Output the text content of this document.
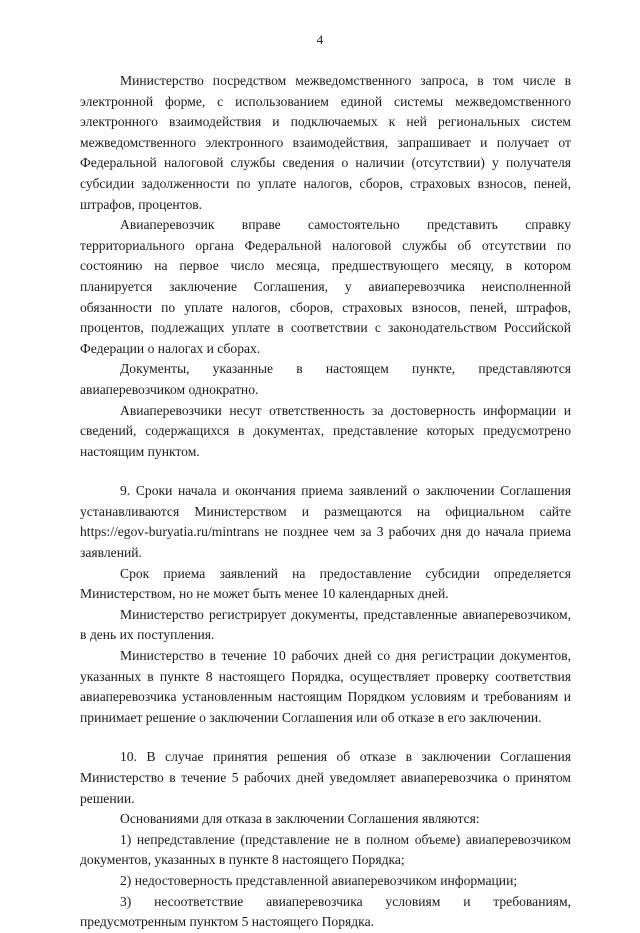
4

Министерство посредством межведомственного запроса, в том числе в электронной форме, с использованием единой системы межведомственного электронного взаимодействия и подключаемых к ней региональных систем межведомственного электронного взаимодействия, запрашивает и получает от Федеральной налоговой службы сведения о наличии (отсутствии) у получателя субсидии задолженности по уплате налогов, сборов, страховых взносов, пеней, штрафов, процентов.

Авиаперевозчик вправе самостоятельно представить справку территориального органа Федеральной налоговой службы об отсутствии по состоянию на первое число месяца, предшествующего месяцу, в котором планируется заключение Соглашения, у авиаперевозчика неисполненной обязанности по уплате налогов, сборов, страховых взносов, пеней, штрафов, процентов, подлежащих уплате в соответствии с законодательством Российской Федерации о налогах и сборах.

Документы, указанные в настоящем пункте, представляются авиаперевозчиком однократно.

Авиаперевозчики несут ответственность за достоверность информации и сведений, содержащихся в документах, представление которых предусмотрено настоящим пунктом.

9. Сроки начала и окончания приема заявлений о заключении Соглашения устанавливаются Министерством и размещаются на официальном сайте https://egov-buryatia.ru/mintrans не позднее чем за 3 рабочих дня до начала приема заявлений.

Срок приема заявлений на предоставление субсидии определяется Министерством, но не может быть менее 10 календарных дней.

Министерство регистрирует документы, представленные авиаперевозчиком, в день их поступления.

Министерство в течение 10 рабочих дней со дня регистрации документов, указанных в пункте 8 настоящего Порядка, осуществляет проверку соответствия авиаперевозчика установленным настоящим Порядком условиям и требованиям и принимает решение о заключении Соглашения или об отказе в его заключении.

10. В случае принятия решения об отказе в заключении Соглашения Министерство в течение 5 рабочих дней уведомляет авиаперевозчика о принятом решении.

Основаниями для отказа в заключении Соглашения являются:

1) непредставление (представление не в полном объеме) авиаперевозчиком документов, указанных в пункте 8 настоящего Порядка;

2) недостоверность представленной авиаперевозчиком информации;

3) несоответствие авиаперевозчика условиям и требованиям, предусмотренным пунктом 5 настоящего Порядка.
